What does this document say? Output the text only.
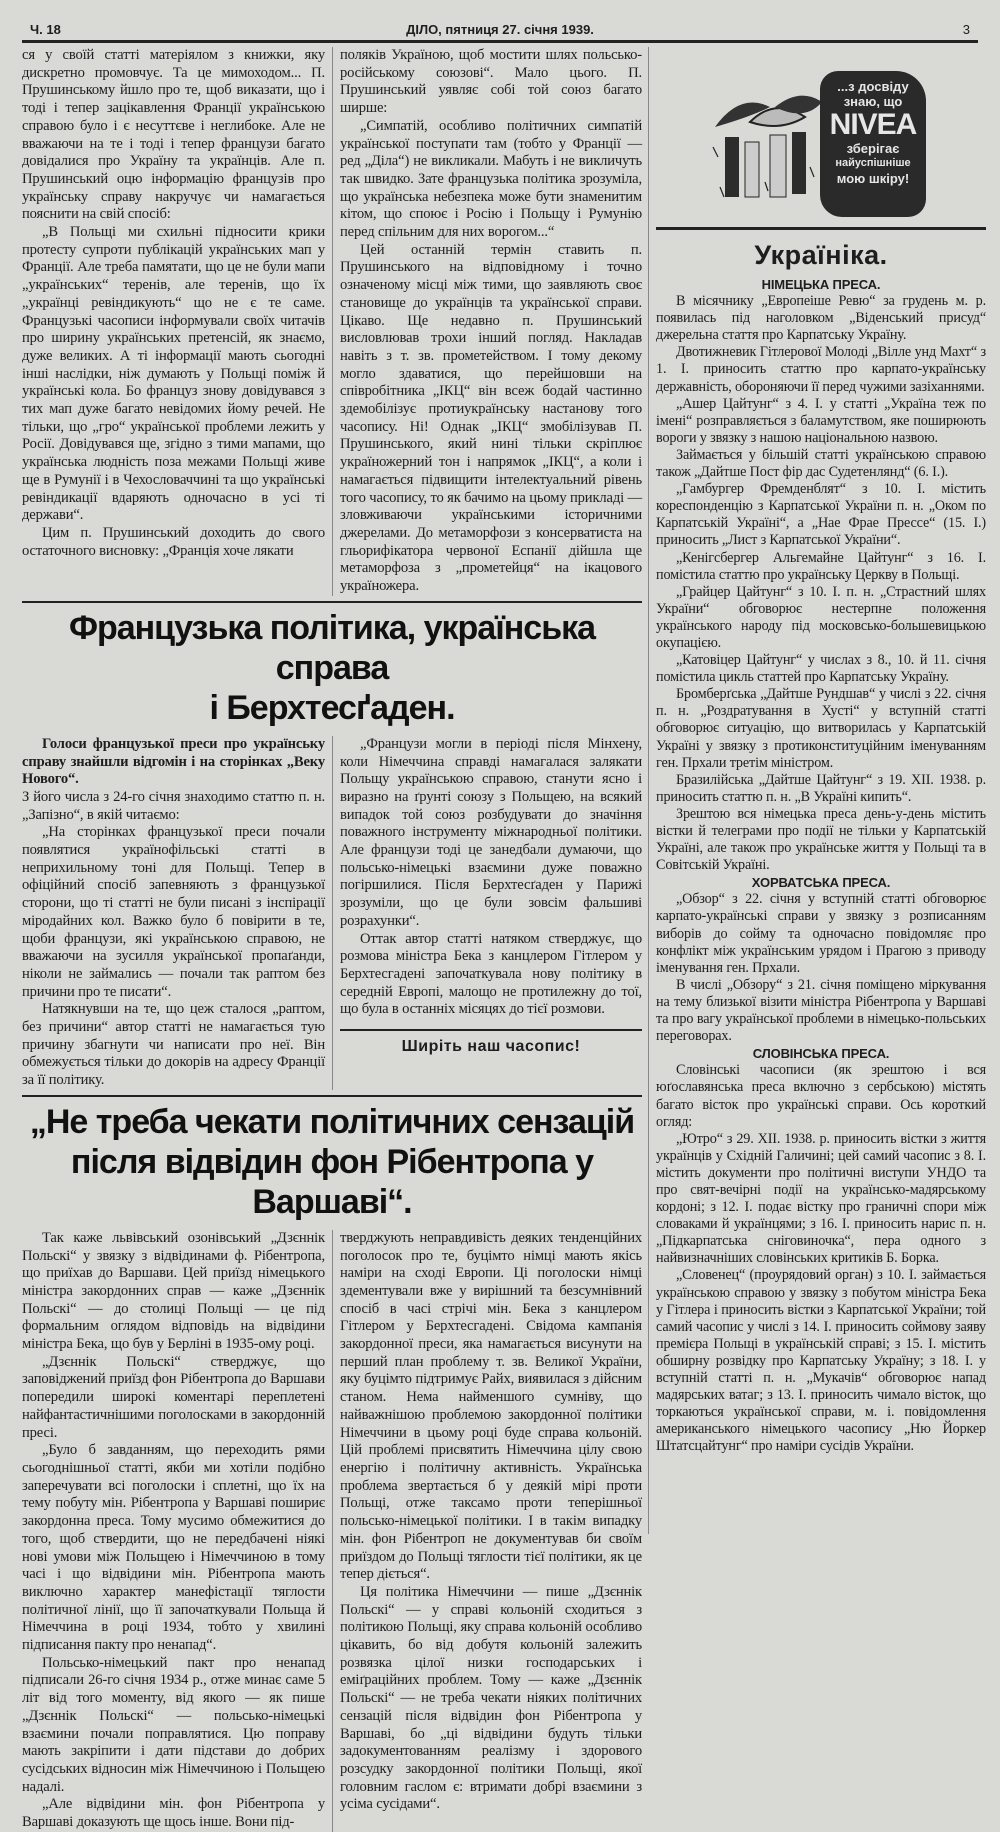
Ч. 18	ДІЛО, пятниця 27. січня 1939.	3

ся у своїй статті матеріялом з книжки, яку дискретно промовчує. Та це мимоходом... П. Прушинському йшло про те, щоб виказати, що і тоді і тепер зацікавлення Франції українською справою було і є несуттєве і неглибоке. Але не вважаючи на те і тоді і тепер французи багато довідалися про Україну та українців. Але п. Прушинський оцю інформацію французів про українську справу накручує чи намагається пояснити на свій спосіб:

„В Польщі ми схильні підносити крики протесту супроти публікацій українських мап у Франції. Але треба памятати, що це не були мапи „українських“ теренів, але теренів, що їх „українці ревіндикують“ що не є те саме. Французькі часописи інформували своїх читачів про ширину українських претенсій, як знаємо, дуже великих. А ті інформації мають сьогодні інші наслідки, ніж думають у Польщі поміж й українські кола. Бо француз знову довідувався з тих мап дуже багато невідомих йому речей. Не тільки, що „гро“ української проблеми лежить у Росії. Довідувався ще, згідно з тими мапами, що українська людність поза межами Польщі живе ще в Румунії і в Чехословаччині та що українські ревіндикації вдаряють одночасно в усі ті держави“.

Цим п. Прушинський доходить до свого остаточного висновку: „Франція хоче лякати

поляків Україною, щоб мостити шлях польсько-російському союзові“. Мало цього. П. Прушинський уявляє собі той союз багато ширше:

„Симпатій, особливо політичних симпатій української поступати там (тобто у Франції — ред „Діла“) не викликали. Мабуть і не викличуть так швидко. Зате французька політика зрозуміла, що українська небезпека може бути знаменитим кітом, що споює і Росію і Польщу і Румунію перед спільним для них ворогом...“

Цей останній термін ставить п. Прушинського на відповідному і точно означеному місці між тими, що заявляють своє становище до українців та української справи. Цікаво. Ще недавно п. Прушинський висловлював трохи інший погляд. Накладав навіть з т. зв. прометейством. І тому декому могло здаватися, що перейшовши на співробітника „ІКЦ“ він всеж бодай частинно здемобілізує протиукраїнську настанову того часопису. Ні! Однак „ІКЦ“ змобілізував П. Прушинського, який нині тільки скріплює україножерний тон і напрямок „ІКЦ“, а коли і намагається підвищити інтелектуальний рівень того часопису, то як бачимо на цьому прикладі — зловживаючи українськими історичними джерелами. До метаморфози з консерватиста на гльорифікатора червоної Еспанії дійшла ще метаморфоза з „прометейця“ на ікацового україножера.

Французька політика, українська справа
і Берхтесґаден.

Голоси французької преси про українську справу знайшли відгомін і на сторінках „Веку Нового“.

З його числа з 24-го січня знаходимо статтю п. н. „Запізно“, в якій читаємо:

„На сторінках французької преси почали появлятися українофільські статті в неприхильному тоні для Польщі. Тепер в офіційний спосіб запевняють з французької сторони, що ті статті не були писані з інспірації міродайних кол. Важко було б повірити в те, щоби французи, які українською справою, не вважаючи на зусилля української пропаґанди, ніколи не займались — почали так раптом без причини про те писати“.

Натякнувши на те, що цеж сталося „раптом, без причини“ автор статті не намагається тую причину збагнути чи написати про неї. Він обмежується тільки до докорів на адресу Франції за її політику.

„Французи могли в періоді після Мінхену, коли Німеччина справді намагалася залякати Польщу українською справою, станути ясно і виразно на ґрунті союзу з Польщею, на всякий випадок той союз розбудувати до значіння поважного інструменту міжнародньої політики. Але французи тоді це занедбали думаючи, що польсько-німецькі взаємини дуже поважно погіршилися. Після Берхтесґаден у Парижі зрозуміли, що це були зовсім фальшиві розрахунки“.

Оттак автор статті натяком стверджує, що розмова міністра Бека з канцлером Гітлером у Берхтесгадені започаткувала нову політику в середній Европі, малощо не протилежну до тої, що була в останніх місяцях до тієї розмови.

Ширіть наш часопис!
„Не треба чекати політичних сензацій
після відвідин фон Рібентропа у Варшаві“.

Так каже львівський озонівський „Дзєннік Польскі“ у звязку з відвідинами ф. Рібентропа, що приїхав до Варшави. Цей приїзд німецького міністра закордонних справ — каже „Дзєннік Польскі“ — до столиці Польщі — це під формальним оглядом відповідь на відвідини міністра Бека, що був у Берліні в 1935-ому році.

„Дзєннік Польскі“ стверджує, що заповіджений приїзд фон Рібентропа до Варшави попередили широкі коментарі переплетені найфантастичнішими поголосками в закордонній пресі.

„Було б завданням, що переходить рями сьогоднішньої статті, якби ми хотіли подібно заперечувати всі поголоски і сплетні, що їх на тему побуту мін. Рібентропа у Варшаві пошириє закордонна преса. Тому мусимо обмежитися до того, щоб ствердити, що не передбачені ніякі нові умови між Польщею і Німеччиною в тому часі і що відвідини мін. Рібентропа мають виключно характер манефістації тяглости політичної лінії, що її започаткували Польща й Німеччина в році 1934, тобто у хвилині підписання пакту про ненапад“.

Польсько-німецький пакт про ненапад підписали 26-го січня 1934 р., отже минає саме 5 літ від того моменту, від якого — як пише „Дзєннік Польскі“ — польсько-німецькі взаємини почали поправлятися. Цю поправу мають закріпити і дати підстави до добрих сусідських відносин між Німеччиною і Польщею надалі.

„Але відвідини мін. фон Рібентропа у Варшаві доказують ще щось інше. Вони під-

тверджують неправдивість деяких тенденційних поголосок про те, буцімто німці мають якісь наміри на сході Европи. Ці поголоски німці здементували вже у вирішний та безсумнівний спосіб в часі стрічі мін. Бека з канцлером Гітлером у Берхтесгадені. Свідома кампанія закордонної преси, яка намагається висунути на перший план проблему т. зв. Великої України, яку буцімто підтримує Райх, виявилася з дійсним станом. Нема найменшого сумніву, що найважнішою проблемою закордонної політики Німеччини в цьому році буде справа кольоній. Цій проблемі присвятить Німеччина цілу свою енергію і політичну активність. Українська проблема звертається б у деякій мірі проти Польщі, отже таксамо проти теперішньої польсько-німецької політики. І в такім випадку мін. фон Рібентроп не документував би своїм приїздом до Польщі тяглости тієї політики, як це тепер діється“.

Ця політика Німеччини — пише „Дзєннік Польскі“ — у справі кольоній сходиться з політикою Польщі, яку справа кольоній особливо цікавить, бо від добутя кольоній залежить розвязка цілої низки господарських і еміґраційних проблем. Тому — каже „Дзєннік Польскі“ — не треба чекати ніяких політичних сензацій після відвідин фон Рібентропа у Варшаві, бо „ці відвідини будуть тільки задокументованням реалізму і здорового розсудку закордонної політики Польщі, якої головним гаслом є: втримати добрі взаємини з усіма сусідами“.

...з досвіду
знаю, що
NIVEA
зберігає
найуспішніше
мою шкіру!
Україніка.

НІМЕЦЬКА ПРЕСА.

В місячнику „Европеіше Ревю“ за грудень м. р. появилась під наголовком „Віденський присуд“ джерельна стаття про Карпатську Україну.

Двотижневик Гітлерової Молоді „Вілле унд Махт“ з 1. І. приносить статтю про карпато-українську державність, обороняючи її перед чужими зазіханнями.

„Ашер Цайтунг“ з 4. І. у статті „Україна теж по імені“ розправляється з баламутством, яке поширюють вороги у звязку з нашою національною назвою.

Займається у більшій статті українською справою також „Дайтше Пост фір дас Судетенлянд“ (6. І.).

„Гамбургер Фремденблят“ з 10. І. містить кореспонденцію з Карпатської України п. н. „Оком по Карпатській Україні“, а „Нае Фрае Прессе“ (15. І.) приносить „Лист з Карпатської України“.

„Кенігсбергер Альгемайне Цайтунг“ з 16. І. помістила статтю про українську Церкву в Польщі.

„Грайцер Цайтунг“ з 10. І. п. н. „Страстний шлях України“ обговорює нестерпне положення українського народу під московсько-большевицькою окупацією.

„Катовіцер Цайтунг“ у числах з 8., 10. й 11. січня помістила цикль статтей про Карпатську Україну.

Бромберґська „Дайтше Рундшав“ у числі з 22. січня п. н. „Роздратування в Хусті“ у вступній статті обговорює ситуацію, що витворилась у Карпатській Україні у звязку з протиконституційним іменуванням ген. Прхали третім міністром.

Бразилійська „Дайтше Цайтунг“ з 19. XII. 1938. р. приносить статтю п. н. „В Україні кипить“.

Зрештою вся німецька преса день-у-день містить вістки й телеграми про події не тільки у Карпатській Україні, але також про українське життя у Польщі та в Совітській Україні.

ХОРВАТСЬКА ПРЕСА.

„Обзор“ з 22. січня у вступній статті обговорює карпато-українські справи у звязку з розписанням виборів до сойму та одночасно повідомляє про конфлікт між українським урядом і Прагою з приводу іменування ген. Прхали.

В числі „Обзору“ з 21. січня поміщено міркування на тему близької візити міністра Рібентропа у Варшаві та про вагу української проблеми в німецько-польських переговорах.

СЛОВІНСЬКА ПРЕСА.

Словінські часописи (як зрештою і вся юґославянська преса включно з сербською) містять багато вісток про українські справи. Ось короткий огляд:

„Ютро“ з 29. XII. 1938. р. приносить вістки з життя українців у Східній Галичині; цей самий часопис з 8. І. містить документи про політичні виступи УНДО та про свят-вечірні події на українсько-мадярському кордоні; з 12. І. подає вістку про граничні спори між словаками й українцями; з 16. І. приносить нарис п. н. „Підкарпатська сніговиночка“, пера одного з найвизначніших словінських критиків Б. Борка.

„Словенец“ (проурядовий орган) з 10. І. займається українською справою у звязку з побутом міністра Бека у Гітлера і приносить вістки з Карпатської України; той самий часопис у числі з 14. І. приносить соймову заяву премієра Польщі в українській справі; з 15. І. містить обширну розвідку про Карпатську Україну; з 18. І. у вступній статті п. н. „Мукачів“ обговорює напад мадярських ватаг; з 13. І. приносить чимало вісток, що торкаються української справи, м. і. повідомлення американського німецького часопису „Ню Йоркер Штатсцайтунг“ про наміри сусідів України.
